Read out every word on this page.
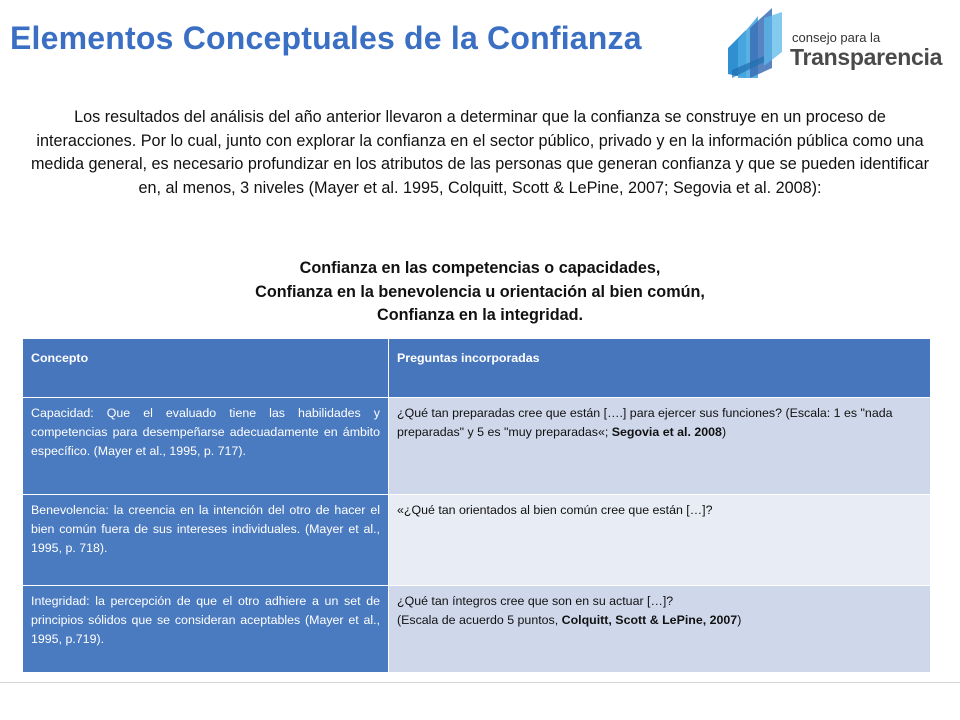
Elementos Conceptuales de la Confianza	consejo para la
Transparencia
Los resultados del análisis del año anterior llevaron a determinar que la confianza se construye en un proceso de interacciones. Por lo cual, junto con explorar la confianza en el sector público, privado y en la información pública como una medida general, es necesario profundizar en los atributos de las personas que generan confianza y que se pueden identificar en, al menos, 3 niveles (Mayer et al. 1995, Colquitt, Scott & LePine, 2007; Segovia et al. 2008):
Confianza en las competencias o capacidades,
Confianza en la benevolencia u orientación al bien común,
Confianza en la integridad.
Concepto	Preguntas incorporadas
Capacidad: Que el evaluado tiene las habilidades y competencias para desempeñarse adecuadamente en ámbito específico. (Mayer et al., 1995, p. 717).	¿Qué tan preparadas cree que están [….] para ejercer sus funciones? (Escala: 1 es "nada preparadas" y 5 es "muy preparadas«; Segovia et al. 2008)
Benevolencia: la creencia en la intención del otro de hacer el bien común fuera de sus intereses individuales. (Mayer et al., 1995, p. 718).	«¿Qué tan orientados al bien común cree que están […]?
Integridad: la percepción de que el otro adhiere a un set de principios sólidos que se consideran aceptables (Mayer et al., 1995, p.719).	¿Qué tan íntegros cree que son en su actuar […]?
(Escala de acuerdo 5 puntos, Colquitt, Scott & LePine, 2007)
